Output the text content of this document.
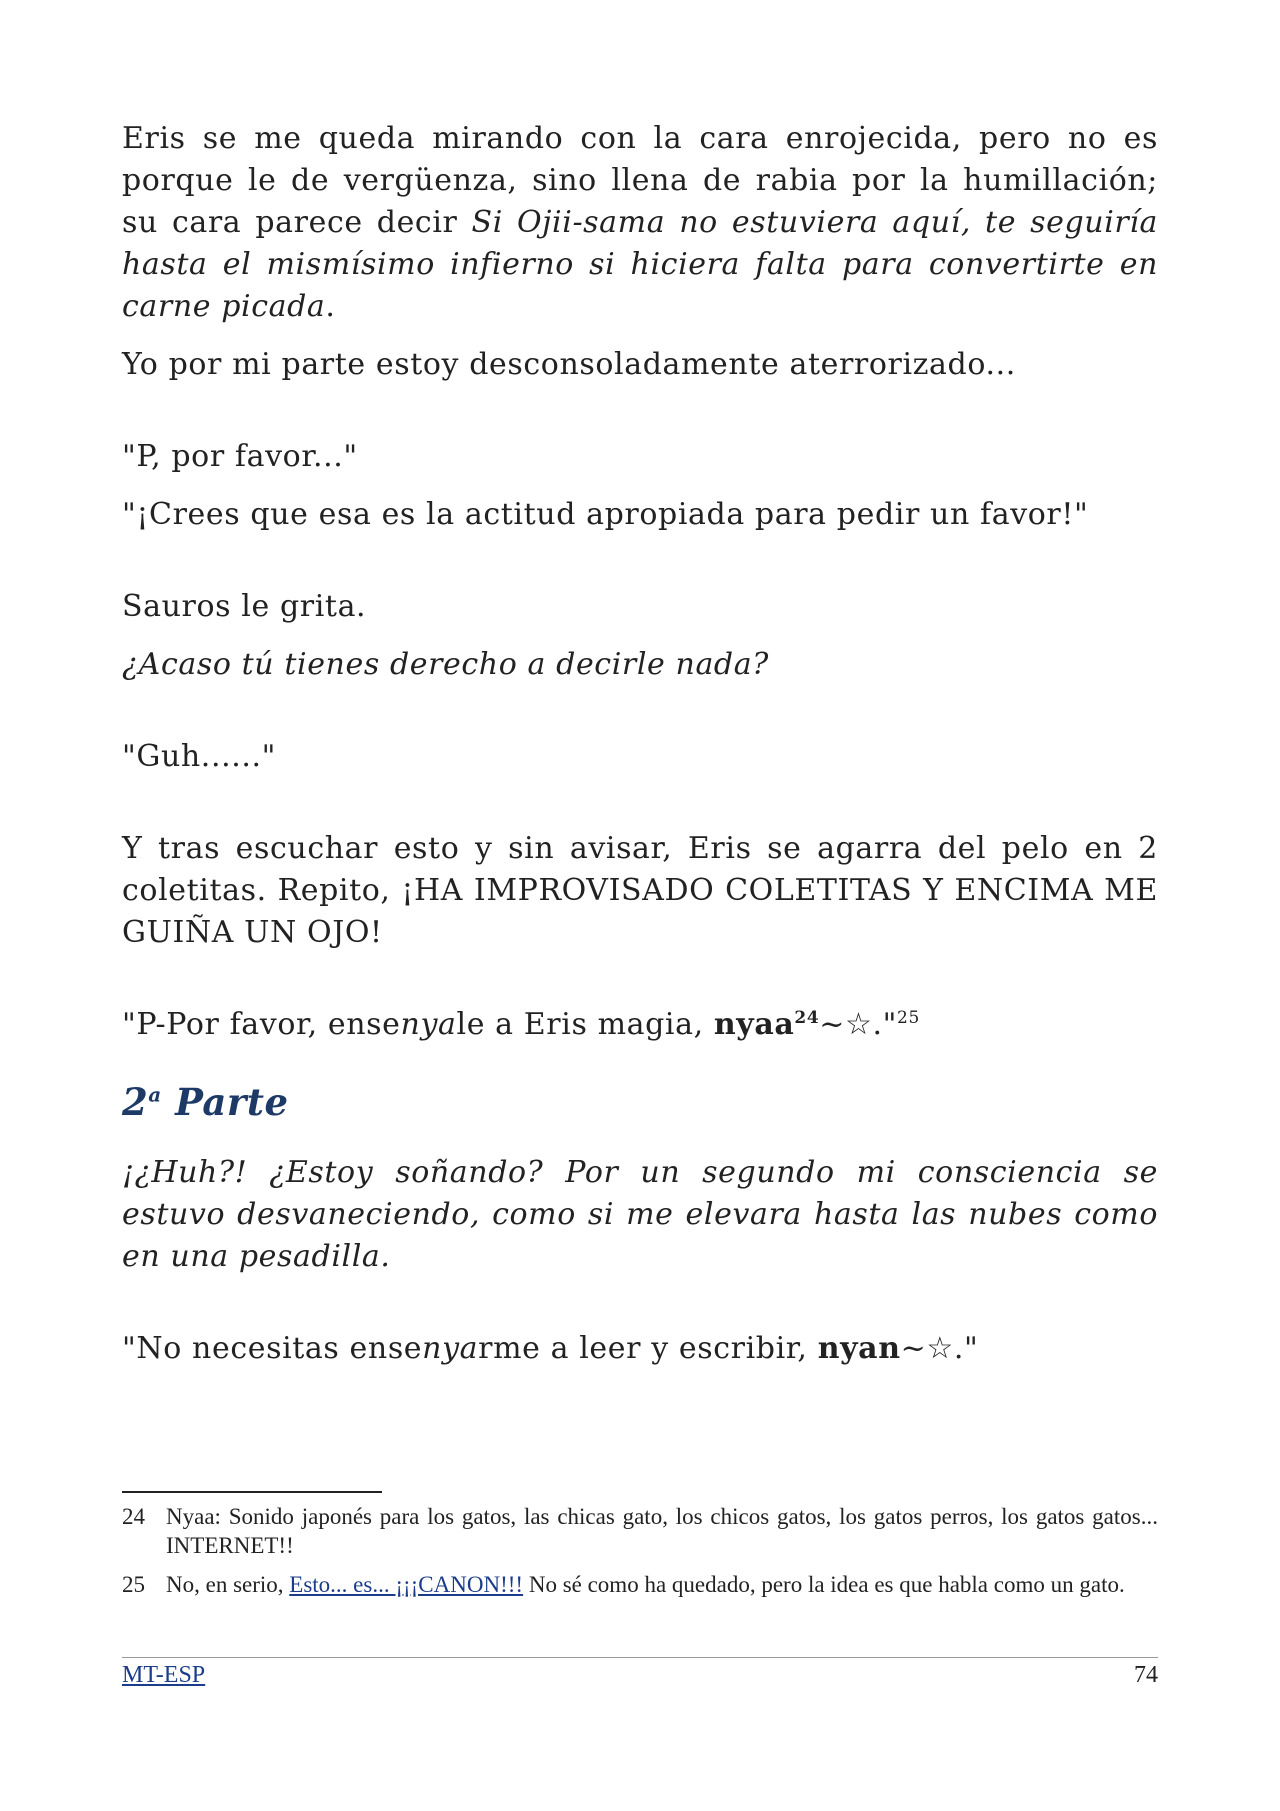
Eris se me queda mirando con la cara enrojecida, pero no es porque le de vergüenza, sino llena de rabia por la humillación; su cara parece decir Si Ojii-sama no estuviera aquí, te seguiría hasta el mismísimo infierno si hiciera falta para convertirte en carne picada.

Yo por mi parte estoy desconsoladamente aterrorizado...

"P, por favor..."

"¡Crees que esa es la actitud apropiada para pedir un favor!"

Sauros le grita.

¿Acaso tú tienes derecho a decirle nada?

"Guh......"

Y tras escuchar esto y sin avisar, Eris se agarra del pelo en 2 coletitas. Repito, ¡HA IMPROVISADO COLETITAS Y ENCIMA ME GUIÑA UN OJO!

"P-Por favor, ensenyale a Eris magia, nyaa$^{24}$~☆."$^{25}$

2$^a$ Parte

¡¿Huh?! ¿Estoy soñando? Por un segundo mi consciencia se estuvo desvaneciendo, como si me elevara hasta las nubes como en una pesadilla.

"No necesitas ensenyarme a leer y escribir, nyan~☆."

24 Nyaa: Sonido japonés para los gatos, las chicas gato, los chicos gatos, los gatos perros, los gatos gatos... INTERNET!!
25 No, en serio, Esto... es... ¡¡¡CANON!!! No sé como ha quedado, pero la idea es que habla como un gato.
MT-ESP	74
